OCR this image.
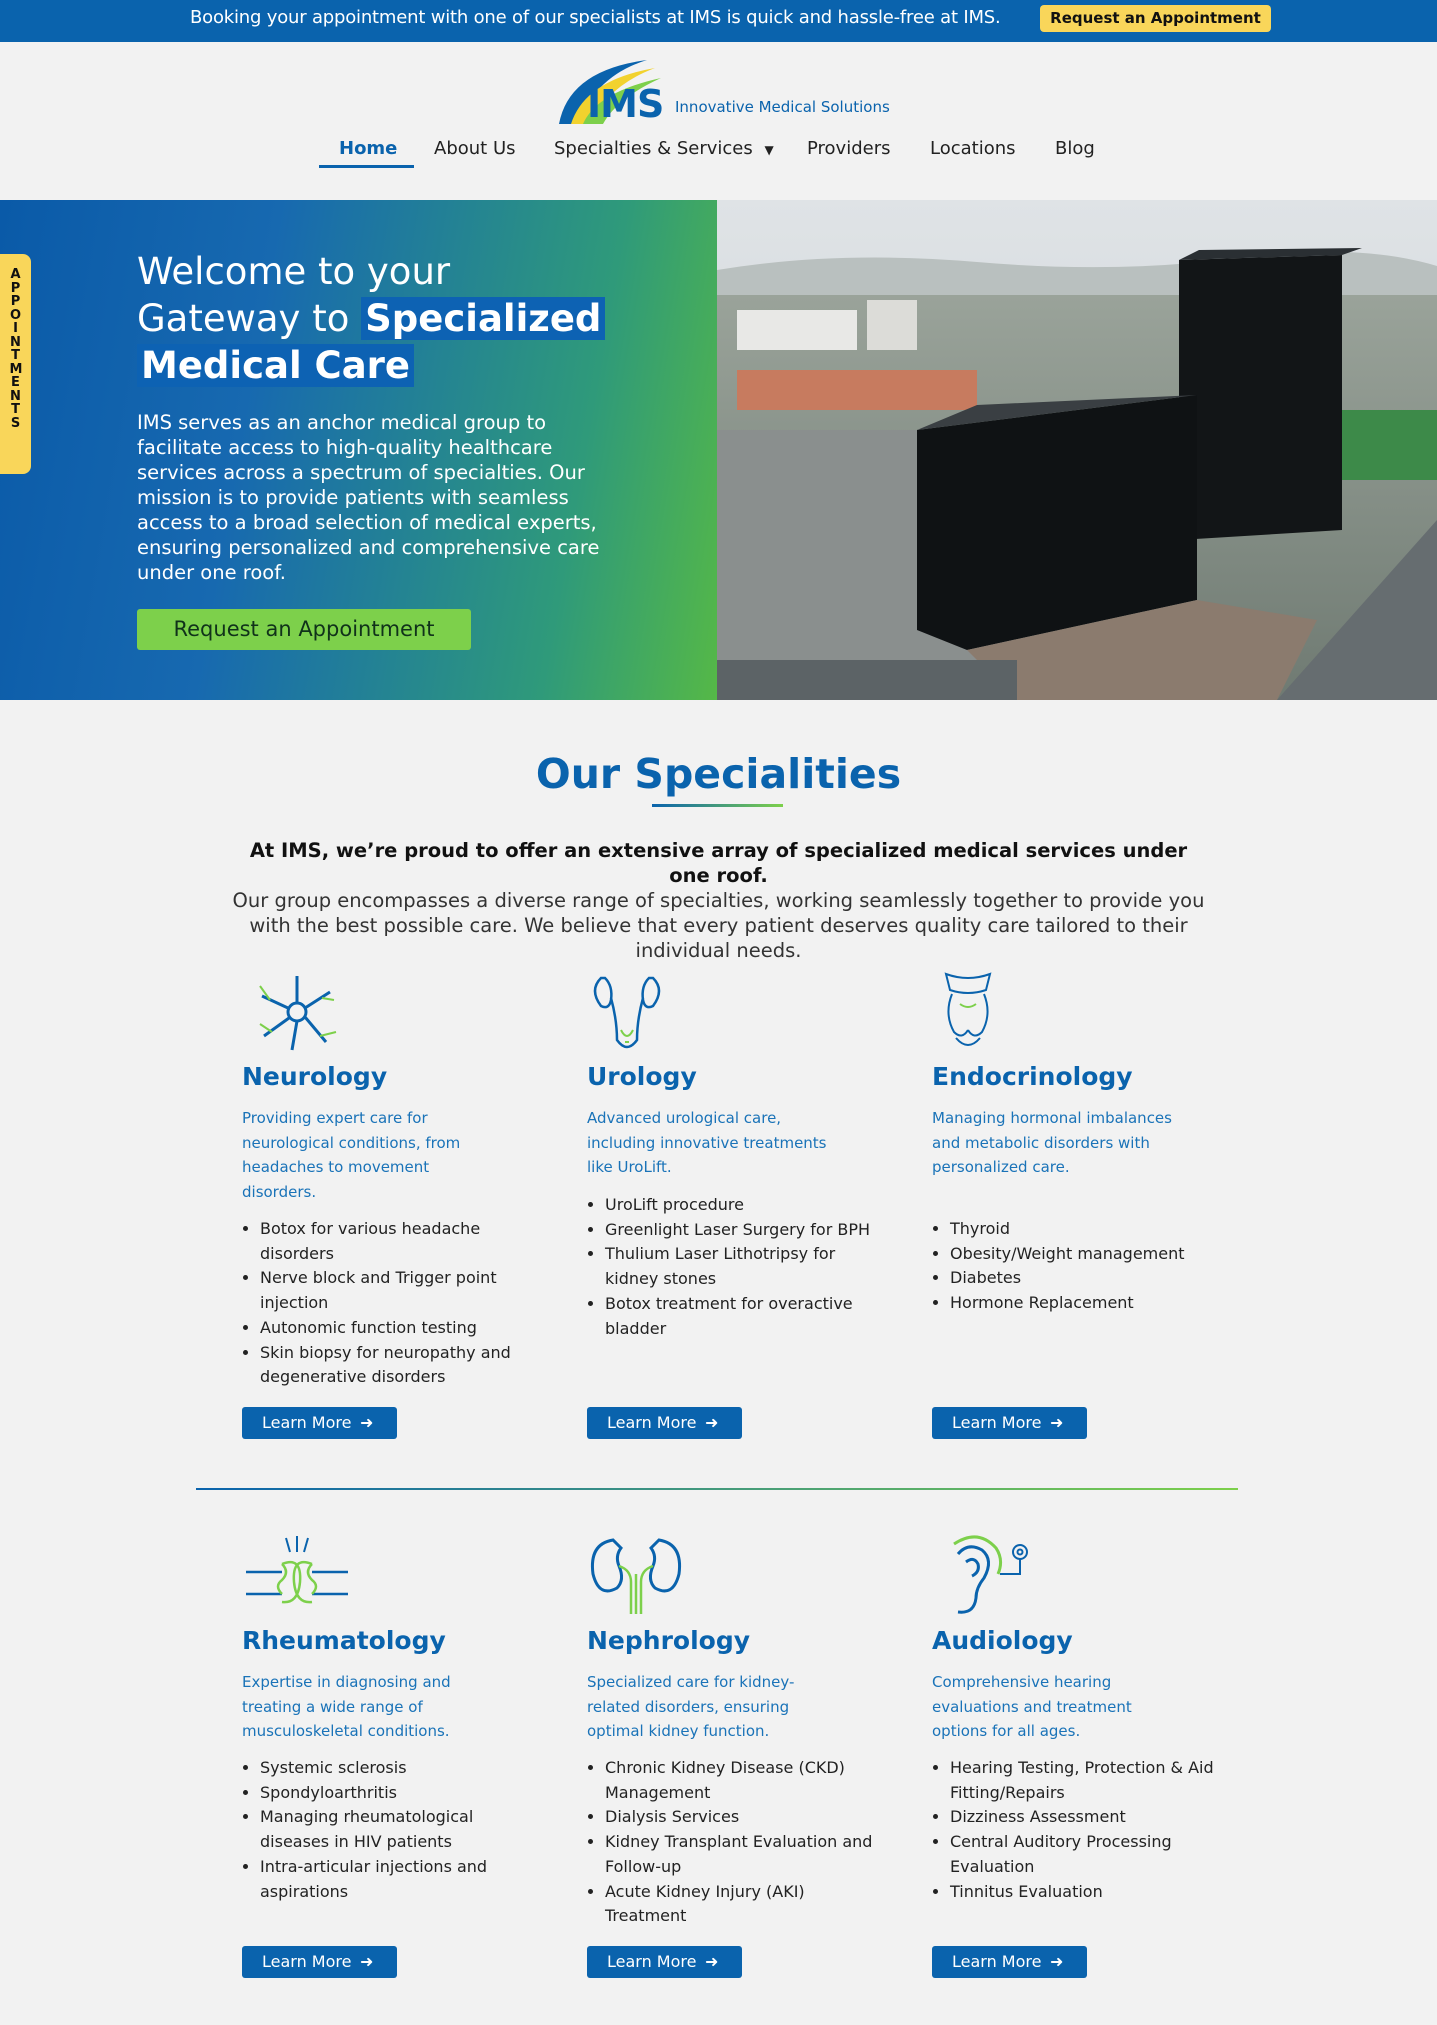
Booking your appointment with one of our specialists at IMS is quick and hassle-free at IMS.	Request an Appointment
IMS Innovative Medical Solutions
Home About Us Specialties & Services ▼ Providers Locations Blog
Welcome to your
Gateway to Specialized
Medical Care

IMS serves as an anchor medical group to facilitate access to high-quality healthcare services across a spectrum of specialties. Our mission is to provide patients with seamless access to a broad selection of medical experts, ensuring personalized and comprehensive care under one roof.

Request an Appointment
APPOINTMENTS
Our Specialities
At IMS, we’re proud to offer an extensive array of specialized medical services under one roof.
Our group encompasses a diverse range of specialties, working seamlessly together to provide you with the best possible care. We believe that every patient deserves quality care tailored to their individual needs.
Neurology

Providing expert care for neurological conditions, from headaches to movement disorders.

• Botox for various headache disorders
• Nerve block and Trigger point injection
• Autonomic function testing
• Skin biopsy for neuropathy and degenerative disorders
Learn More ➜
Urology

Advanced urological care, including innovative treatments like UroLift.

• UroLift procedure
• Greenlight Laser Surgery for BPH
• Thulium Laser Lithotripsy for kidney stones
• Botox treatment for overactive bladder
Learn More ➜
Endocrinology

Managing hormonal imbalances and metabolic disorders with personalized care.

• Thyroid
• Obesity/Weight management
• Diabetes
• Hormone Replacement
Learn More ➜
Rheumatology

Expertise in diagnosing and treating a wide range of musculoskeletal conditions.

• Systemic sclerosis
• Spondyloarthritis
• Managing rheumatological diseases in HIV patients
• Intra-articular injections and aspirations
Learn More ➜
Nephrology

Specialized care for kidney-related disorders, ensuring optimal kidney function.

• Chronic Kidney Disease (CKD) Management
• Dialysis Services
• Kidney Transplant Evaluation and Follow-up
• Acute Kidney Injury (AKI) Treatment
Learn More ➜
Audiology

Comprehensive hearing evaluations and treatment options for all ages.

• Hearing Testing, Protection & Aid Fitting/Repairs
• Dizziness Assessment
• Central Auditory Processing Evaluation
• Tinnitus Evaluation
Learn More ➜
